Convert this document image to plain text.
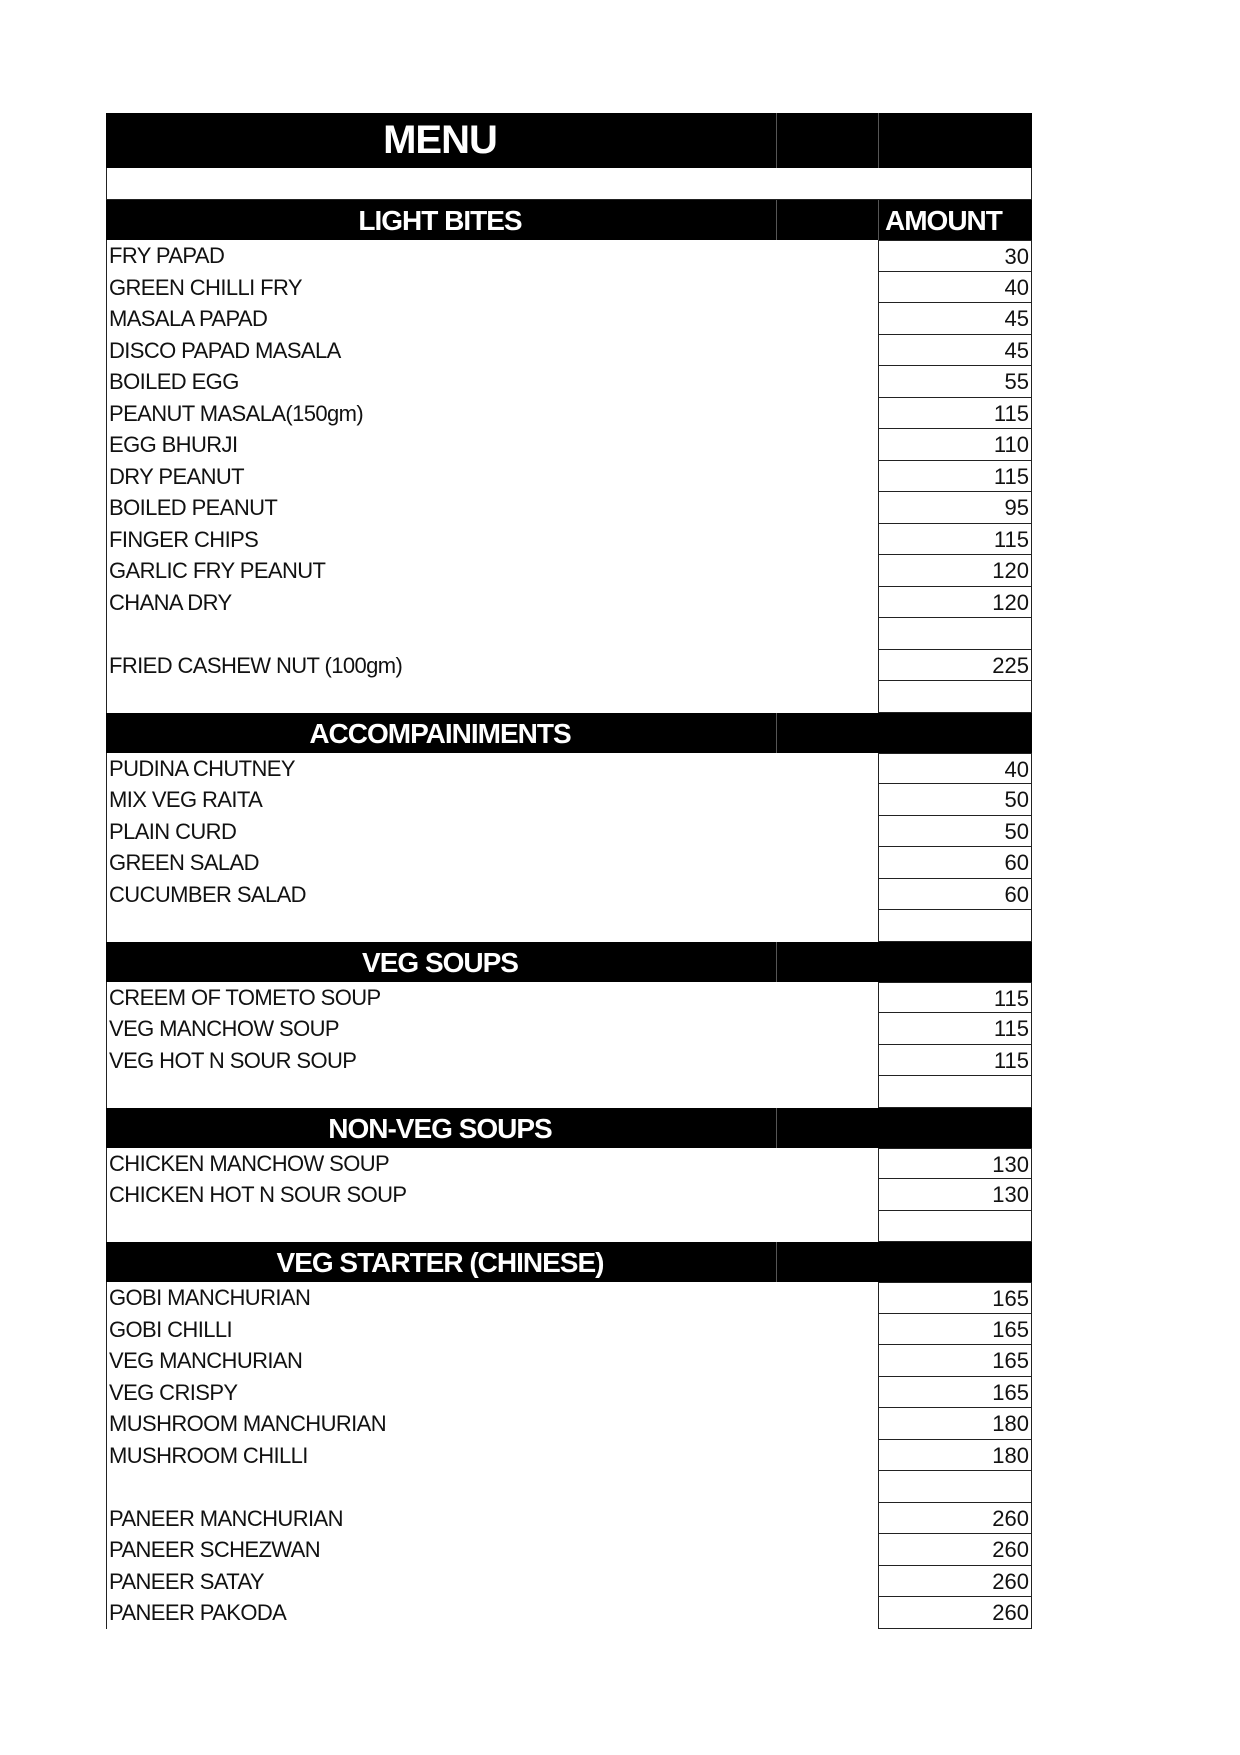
MENU
LIGHT BITES	AMOUNT
FRY PAPAD	30
GREEN CHILLI FRY	40
MASALA PAPAD	45
DISCO PAPAD MASALA	45
BOILED EGG	55
PEANUT MASALA(150gm)	115
EGG BHURJI	110
DRY PEANUT	115
BOILED PEANUT	95
FINGER CHIPS	115
GARLIC FRY PEANUT	120
CHANA DRY	120
FRIED CASHEW NUT (100gm)	225
ACCOMPAINIMENTS
PUDINA CHUTNEY	40
MIX VEG RAITA	50
PLAIN CURD	50
GREEN SALAD	60
CUCUMBER SALAD	60
VEG SOUPS
CREEM OF TOMETO SOUP	115
VEG MANCHOW SOUP	115
VEG HOT N SOUR SOUP	115
NON-VEG SOUPS
CHICKEN MANCHOW SOUP	130
CHICKEN HOT N SOUR SOUP	130
VEG STARTER (CHINESE)
GOBI MANCHURIAN	165
GOBI CHILLI	165
VEG MANCHURIAN	165
VEG CRISPY	165
MUSHROOM MANCHURIAN	180
MUSHROOM CHILLI	180
PANEER MANCHURIAN	260
PANEER SCHEZWAN	260
PANEER SATAY	260
PANEER PAKODA	260
